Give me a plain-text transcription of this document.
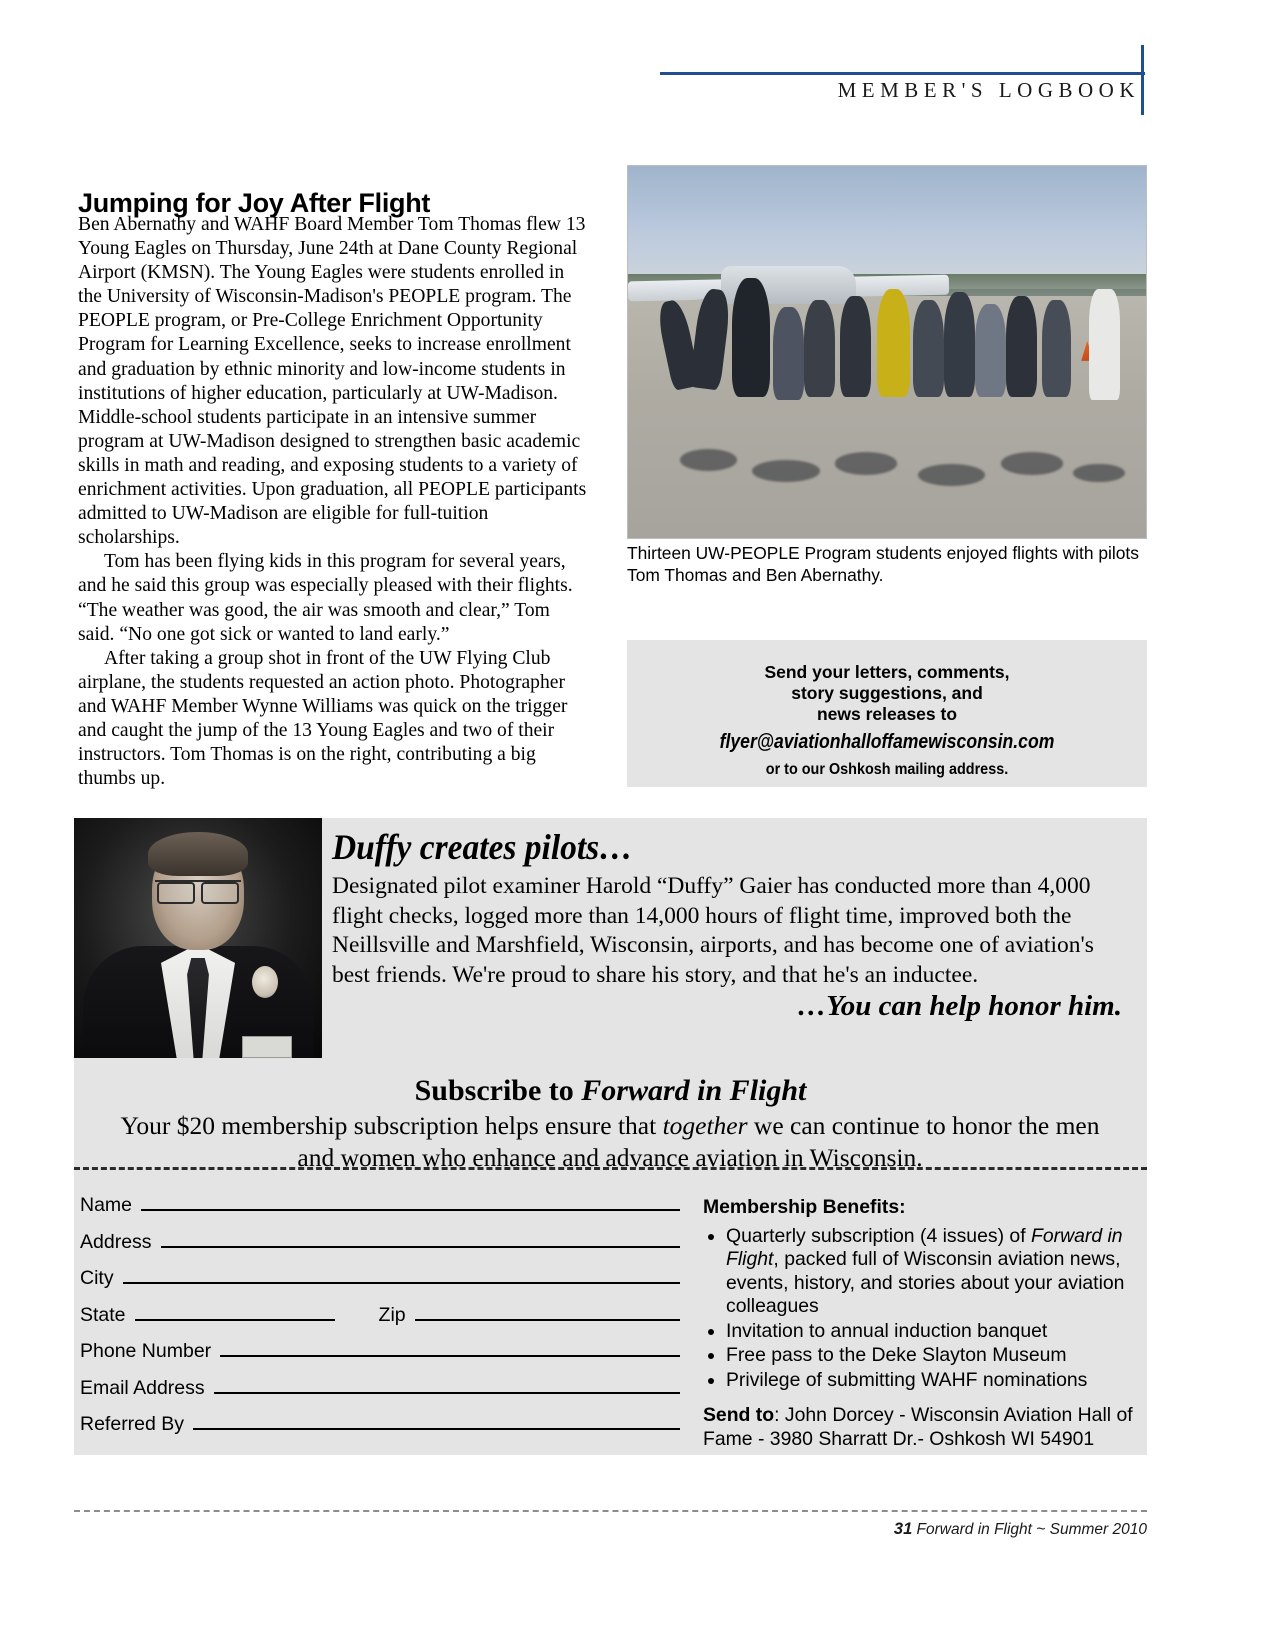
MEMBER'S LOGBOOK
Jumping for Joy After Flight

Ben Abernathy and WAHF Board Member Tom Thomas flew 13 Young Eagles on Thursday, June 24th at Dane County Regional Airport (KMSN). The Young Eagles were students enrolled in the University of Wisconsin-Madison's PEOPLE program. The PEOPLE program, or Pre-College Enrichment Opportunity Program for Learning Excellence, seeks to increase enrollment and graduation by ethnic minority and low-income students in institutions of higher education, particularly at UW-Madison. Middle-school students participate in an intensive summer program at UW-Madison designed to strengthen basic academic skills in math and reading, and exposing students to a variety of enrichment activities. Upon graduation, all PEOPLE participants admitted to UW-Madison are eligible for full-tuition scholarships.

Tom has been flying kids in this program for several years, and he said this group was especially pleased with their flights. “The weather was good, the air was smooth and clear,” Tom said. “No one got sick or wanted to land early.”

After taking a group shot in front of the UW Flying Club airplane, the students requested an action photo. Photographer and WAHF Member Wynne Williams was quick on the trigger and caught the jump of the 13 Young Eagles and two of their instructors. Tom Thomas is on the right, contributing a big thumbs up.

Thirteen UW-PEOPLE Program students enjoyed flights with pilots Tom Thomas and Ben Abernathy.
Send your letters, comments,
story suggestions, and
news releases to
flyer@aviationhalloffamewisconsin.com
or to our Oshkosh mailing address.
Duffy creates pilots…
Designated pilot examiner Harold “Duffy” Gaier has conducted more than 4,000 flight checks, logged more than 14,000 hours of flight time, improved both the Neillsville and Marshfield, Wisconsin, airports, and has become one of aviation's best friends. We're proud to share his story, and that he's an inductee.
…You can help honor him.
Subscribe to Forward in Flight
Your $20 membership subscription helps ensure that together we can continue to honor the men and women who enhance and advance aviation in Wisconsin.
Name
Address
City
State	Zip
Phone Number
Email Address
Referred By
Membership Benefits:
• Quarterly subscription (4 issues) of Forward in Flight, packed full of Wisconsin aviation news, events, history, and stories about your aviation colleagues
• Invitation to annual induction banquet
• Free pass to the Deke Slayton Museum
• Privilege of submitting WAHF nominations
Send to: John Dorcey - Wisconsin Aviation Hall of Fame - 3980 Sharratt Dr.- Oshkosh WI 54901
31 Forward in Flight ~ Summer 2010
